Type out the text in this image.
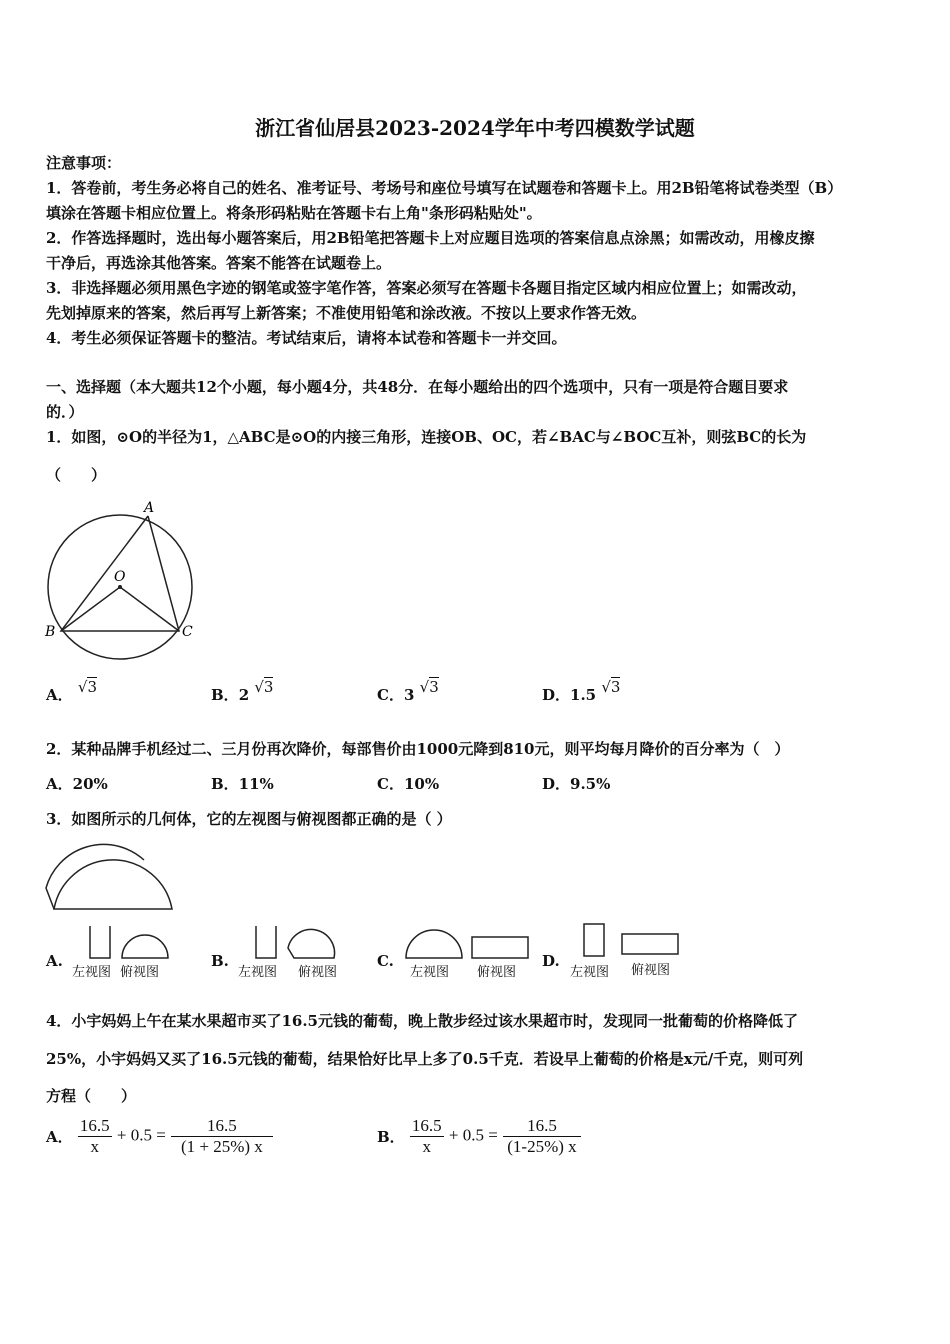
浙江省仙居县2023-2024学年中考四模数学试题
注意事项：
1．答卷前，考生务必将自己的姓名、准考证号、考场号和座位号填写在试题卷和答题卡上。用2B铅笔将试卷类型（B）
填涂在答题卡相应位置上。将条形码粘贴在答题卡右上角"条形码粘贴处"。
2．作答选择题时，选出每小题答案后，用2B铅笔把答题卡上对应题目选项的答案信息点涂黑；如需改动，用橡皮擦
干净后，再选涂其他答案。答案不能答在试题卷上。
3．非选择题必须用黑色字迹的钢笔或签字笔作答，答案必须写在答题卡各题目指定区域内相应位置上；如需改动，
先划掉原来的答案，然后再写上新答案；不准使用铅笔和涂改液。不按以上要求作答无效。
4．考生必须保证答题卡的整洁。考试结束后，请将本试卷和答题卡一并交回。
一、选择题（本大题共12个小题，每小题4分，共48分．在每小题给出的四个选项中，只有一项是符合题目要求
的．）
1．如图，⊙O的半径为1，△ABC是⊙O的内接三角形，连接OB、OC，若∠BAC与∠BOC互补，则弦BC的长为
（　　）
A
O
B	C
A． √3	B．2 √3	C．3 √3	D．1.5 √3
2．某种品牌手机经过二、三月份再次降价，每部售价由1000元降到810元，则平均每月降价的百分率为（　）
A．20%	B．11%	C．10%	D．9.5%
3．如图所示的几何体，它的左视图与俯视图都正确的是（ ）
A.
左视图 俯视图
B.
左视图 俯视图
C.
左视图 俯视图
D.
左视图 俯视图
4．小宇妈妈上午在某水果超市买了16.5元钱的葡萄，晚上散步经过该水果超市时，发现同一批葡萄的价格降低了
25%，小宇妈妈又买了16.5元钱的葡萄，结果恰好比早上多了0.5千克．若设早上葡萄的价格是x元/千克，则可列
方程（　　）
A． $\frac{16.5}{x} + 0.5 = \frac{16.5}{(1 + 25\%) x}$	B． $\frac{16.5}{x} + 0.5 = \frac{16.5}{(1-25\%) x}$
